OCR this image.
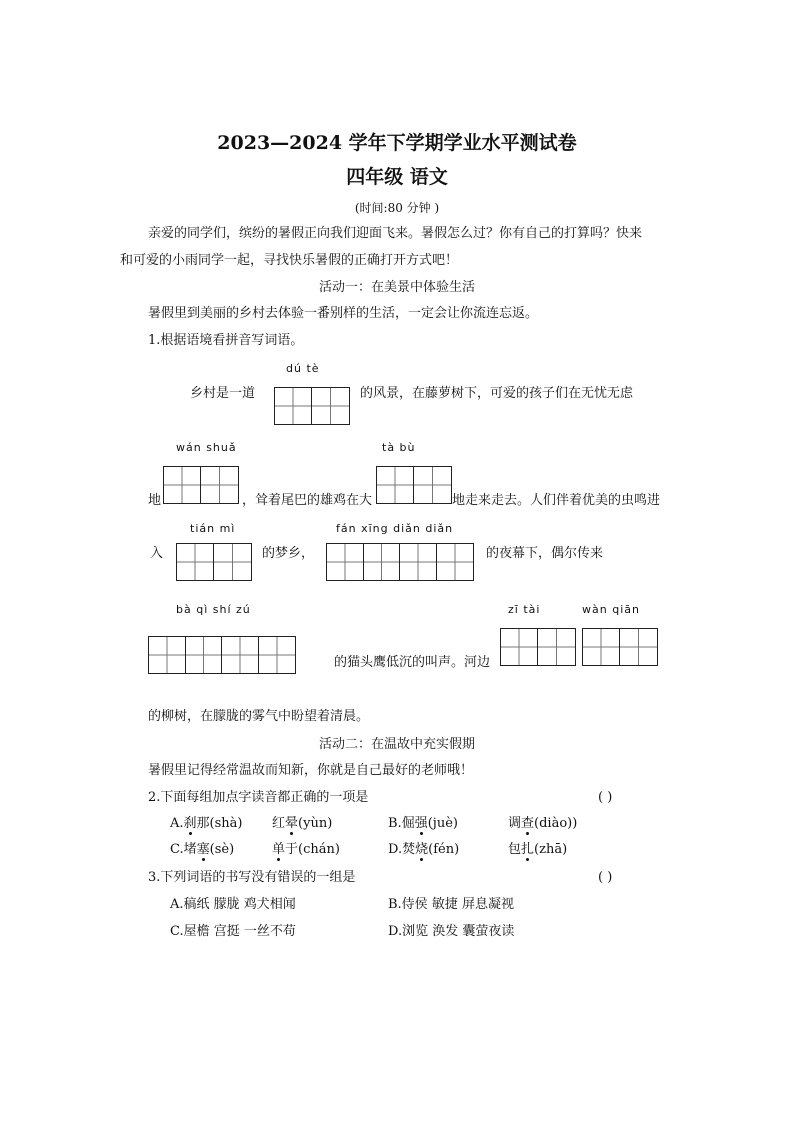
2023—2024 学年下学期学业水平测试卷
四年级 语文
(时间:80 分钟 )
亲爱的同学们，缤纷的暑假正向我们迎面飞来。暑假怎么过？你有自己的打算吗？快来
和可爱的小雨同学一起，寻找快乐暑假的正确打开方式吧！
活动一：在美景中体验生活
暑假里到美丽的乡村去体验一番别样的生活，一定会让你流连忘返。
1.根据语境看拼音写词语。
dú tè
乡村是一道	的风景，在藤萝树下，可爱的孩子们在无忧无虑
wán shuǎ	tà bù
地	，耸着尾巴的雄鸡在大	地走来走去。人们伴着优美的虫鸣进
tián mì	fán xīng diǎn diǎn
入	的梦乡，	的夜幕下，偶尔传来
bà qì shí zú	zī tài	wàn qiān
的猫头鹰低沉的叫声。河边
的柳树，在朦胧的雾气中盼望着清晨。
活动二：在温故中充实假期
暑假里记得经常温故而知新，你就是自己最好的老师哦！
2.下面每组加点字读音都正确的一项是	( )
A.刹那(shà) 红晕(yùn)	B.倔强(juè)	调查(diào))
C.堵塞(sè)	单于(chán)	D.焚烧(fén)	包扎(zhā)
3.下列词语的书写没有错误的一组是	( )
A.稿纸 朦胧 鸡犬相闻	B.侍侯 敏捷 屏息凝视
C.屋檐 宫挺 一丝不苟	D.浏览 涣发 囊萤夜读
